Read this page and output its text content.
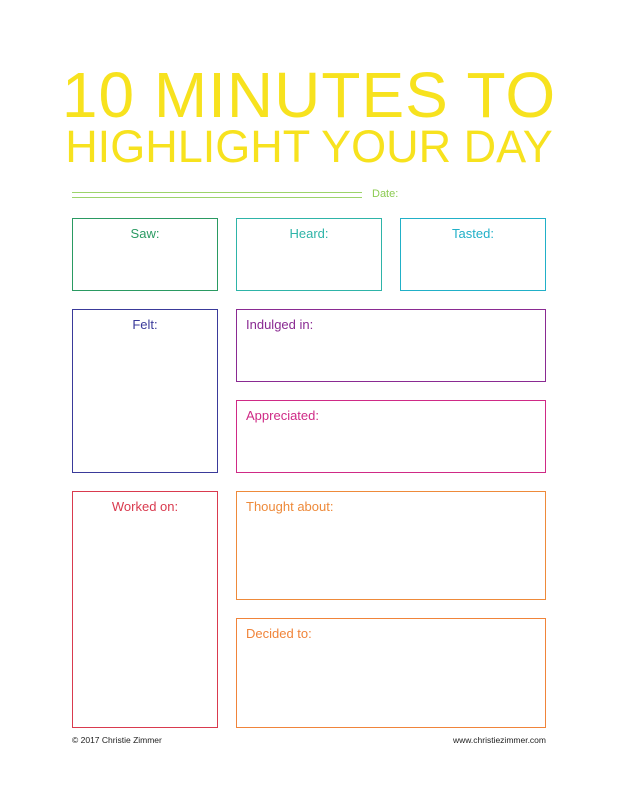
10 MINUTES TO
HIGHLIGHT YOUR DAY
Date:
Saw:	Heard:	Tasted:
Felt:	Indulged in:
Appreciated:
Worked on:	Thought about:
Decided to:
© 2017 Christie Zimmer	www.christiezimmer.com
